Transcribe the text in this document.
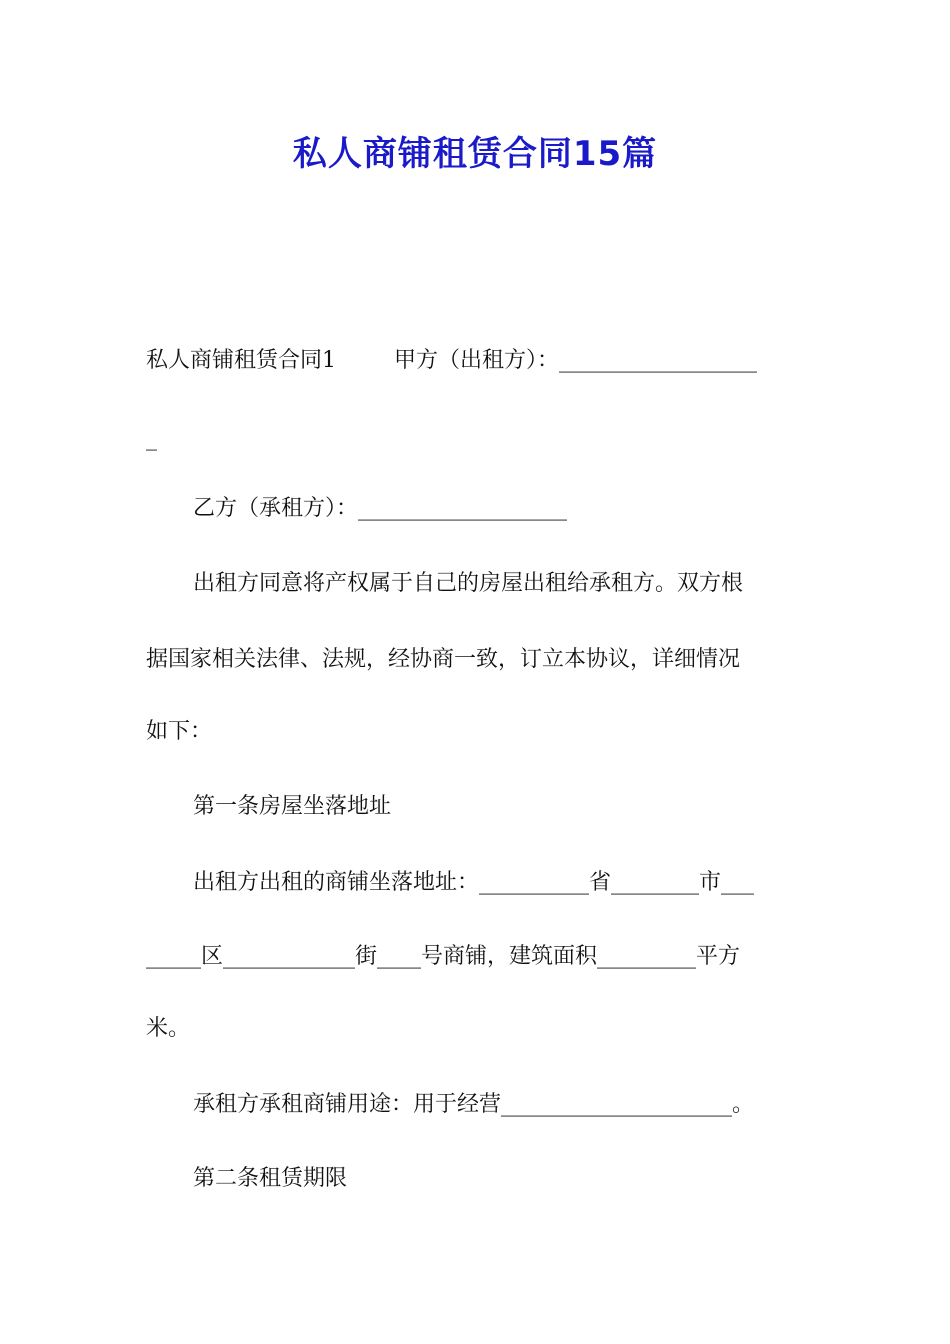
私人商铺租赁合同15篇
私人商铺租赁合同1	甲方（出租方）：__________________
_
乙方（承租方）：___________________
出租方同意将产权属于自己的房屋出租给承租方。双方根
据国家相关法律、法规，经协商一致，订立本协议，详细情况
如下：
第一条房屋坐落地址
出租方出租的商铺坐落地址：__________省________市___
_____区____________街____号商铺，建筑面积_________平方
米。
承租方承租商铺用途：用于经营_____________________。
第二条租赁期限
